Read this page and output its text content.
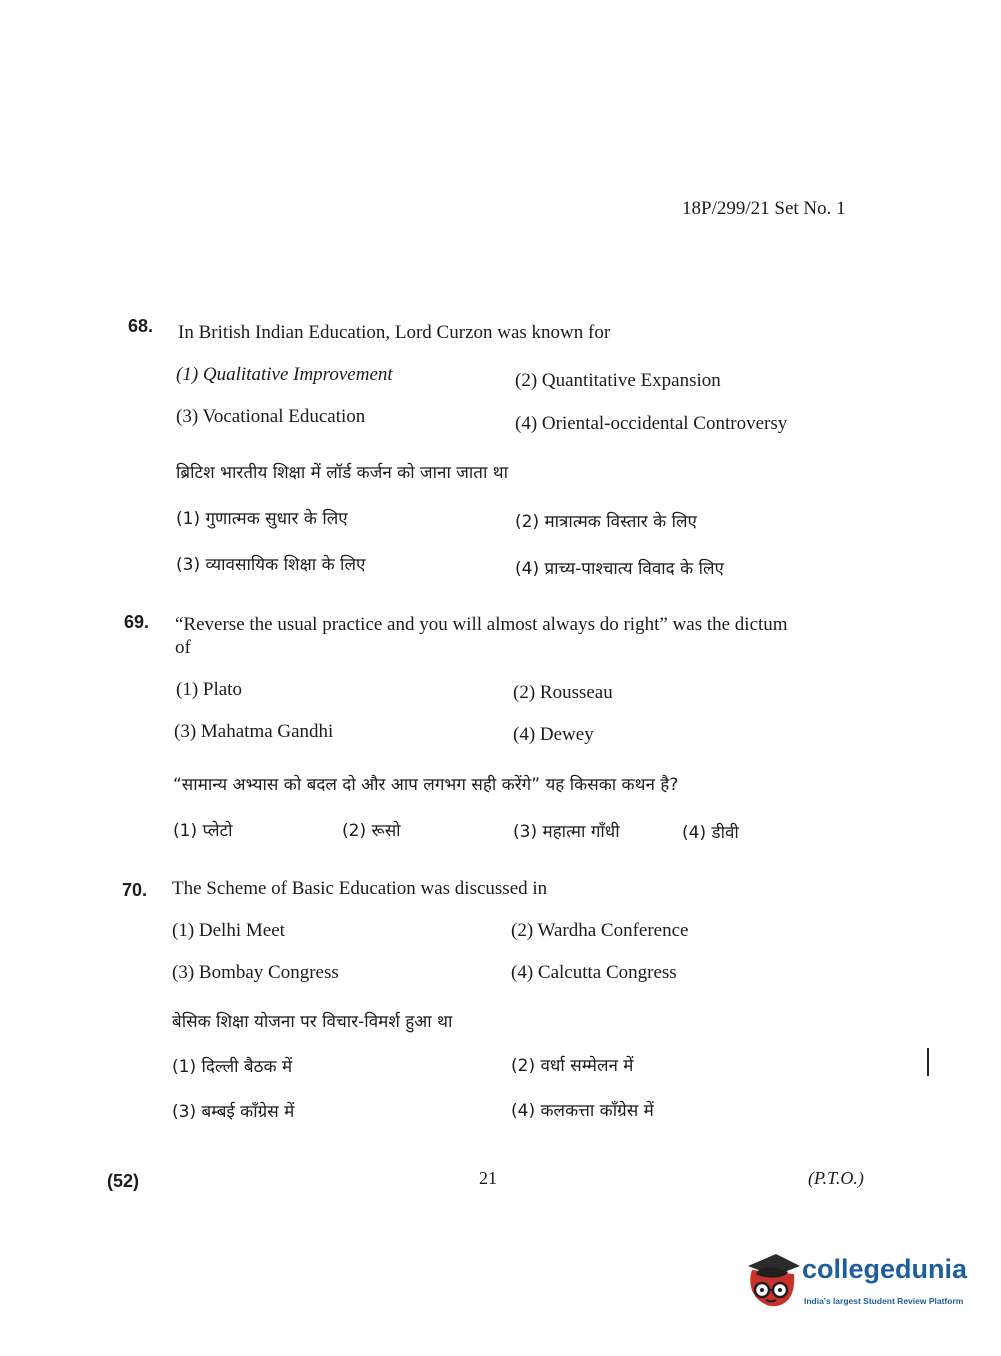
18P/299/21 Set No. 1
68. In British Indian Education, Lord Curzon was known for
(1) Qualitative Improvement	(2) Quantitative Expansion
(3) Vocational Education	(4) Oriental-occidental Controversy
ब्रिटिश भारतीय शिक्षा में लॉर्ड कर्जन को जाना जाता था
(1) गुणात्मक सुधार के लिए	(2) मात्रात्मक विस्तार के लिए
(3) व्यावसायिक शिक्षा के लिए	(4) प्राच्य-पाश्चात्य विवाद के लिए
69. “Reverse the usual practice and you will almost always do right” was the dictum
of
(1) Plato	(2) Rousseau
(3) Mahatma Gandhi	(4) Dewey
“सामान्य अभ्यास को बदल दो और आप लगभग सही करेंगे” यह किसका कथन है?
(1) प्लेटो	(2) रूसो	(3) महात्मा गाँधी	(4) डीवी
70. The Scheme of Basic Education was discussed in
(1) Delhi Meet	(2) Wardha Conference
(3) Bombay Congress	(4) Calcutta Congress
बेसिक शिक्षा योजना पर विचार-विमर्श हुआ था
(1) दिल्ली बैठक में	(2) वर्धा सम्मेलन में
(3) बम्बई काँग्रेस में	(4) कलकत्ता काँग्रेस में
(52)	21	(P.T.O.)
collegedunia
India's largest Student Review Platform
